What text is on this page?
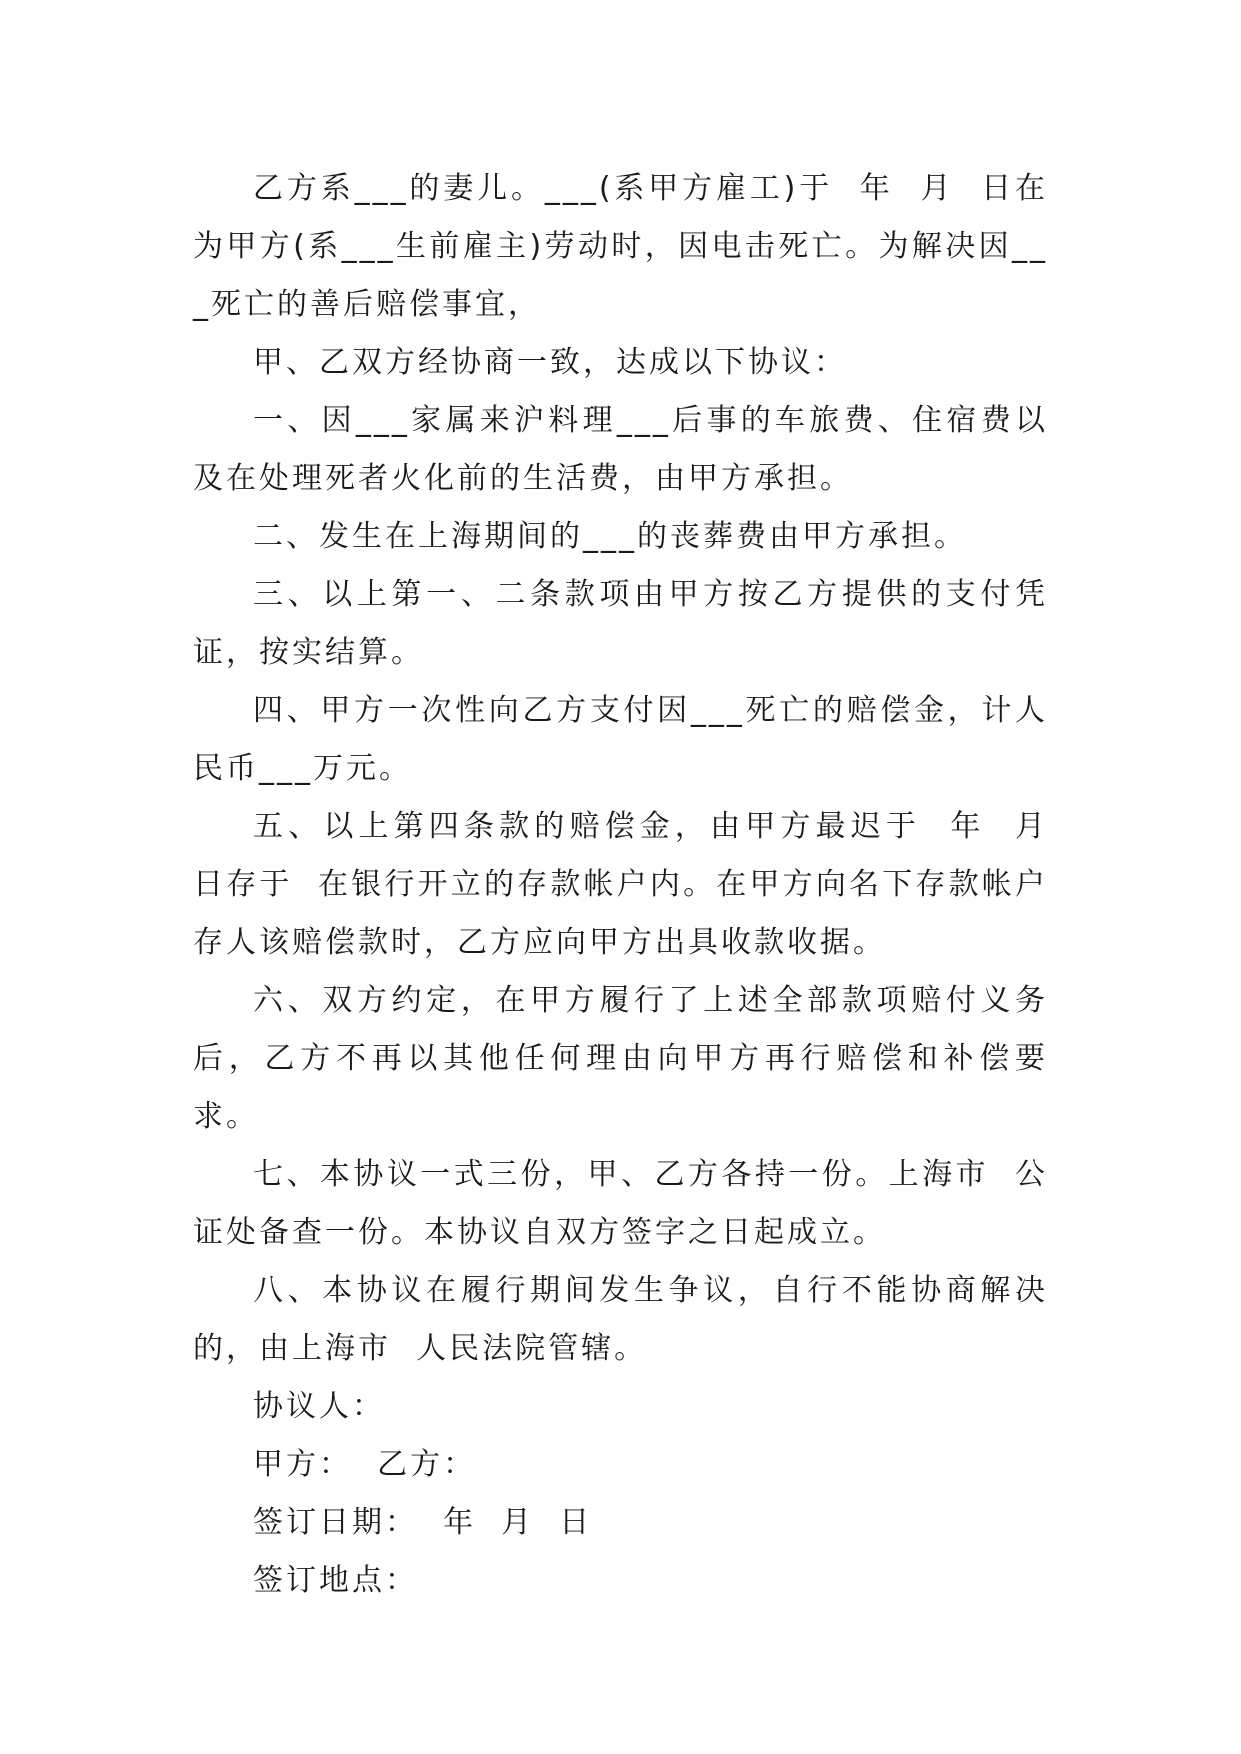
乙方系___的妻儿。___(系甲方雇工)于  年  月  日在为甲方(系___生前雇主)劳动时，因电击死亡。为解决因___死亡的善后赔偿事宜，

甲、乙双方经协商一致，达成以下协议：

一、因___家属来沪料理___后事的车旅费、住宿费以及在处理死者火化前的生活费，由甲方承担。

二、发生在上海期间的___的丧葬费由甲方承担。

三、以上第一、二条款项由甲方按乙方提供的支付凭证，按实结算。

四、甲方一次性向乙方支付因___死亡的赔偿金，计人民币___万元。

五、以上第四条款的赔偿金，由甲方最迟于  年  月  日存于  在银行开立的存款帐户内。在甲方向名下存款帐户存人该赔偿款时，乙方应向甲方出具收款收据。

六、双方约定，在甲方履行了上述全部款项赔付义务后，乙方不再以其他任何理由向甲方再行赔偿和补偿要求。

七、本协议一式三份，甲、乙方各持一份。上海市  公证处备查一份。本协议自双方签字之日起成立。

八、本协议在履行期间发生争议，自行不能协商解决的，由上海市  人民法院管辖。

协议人：

甲方：  乙方：

签订日期：  年  月  日

签订地点：
